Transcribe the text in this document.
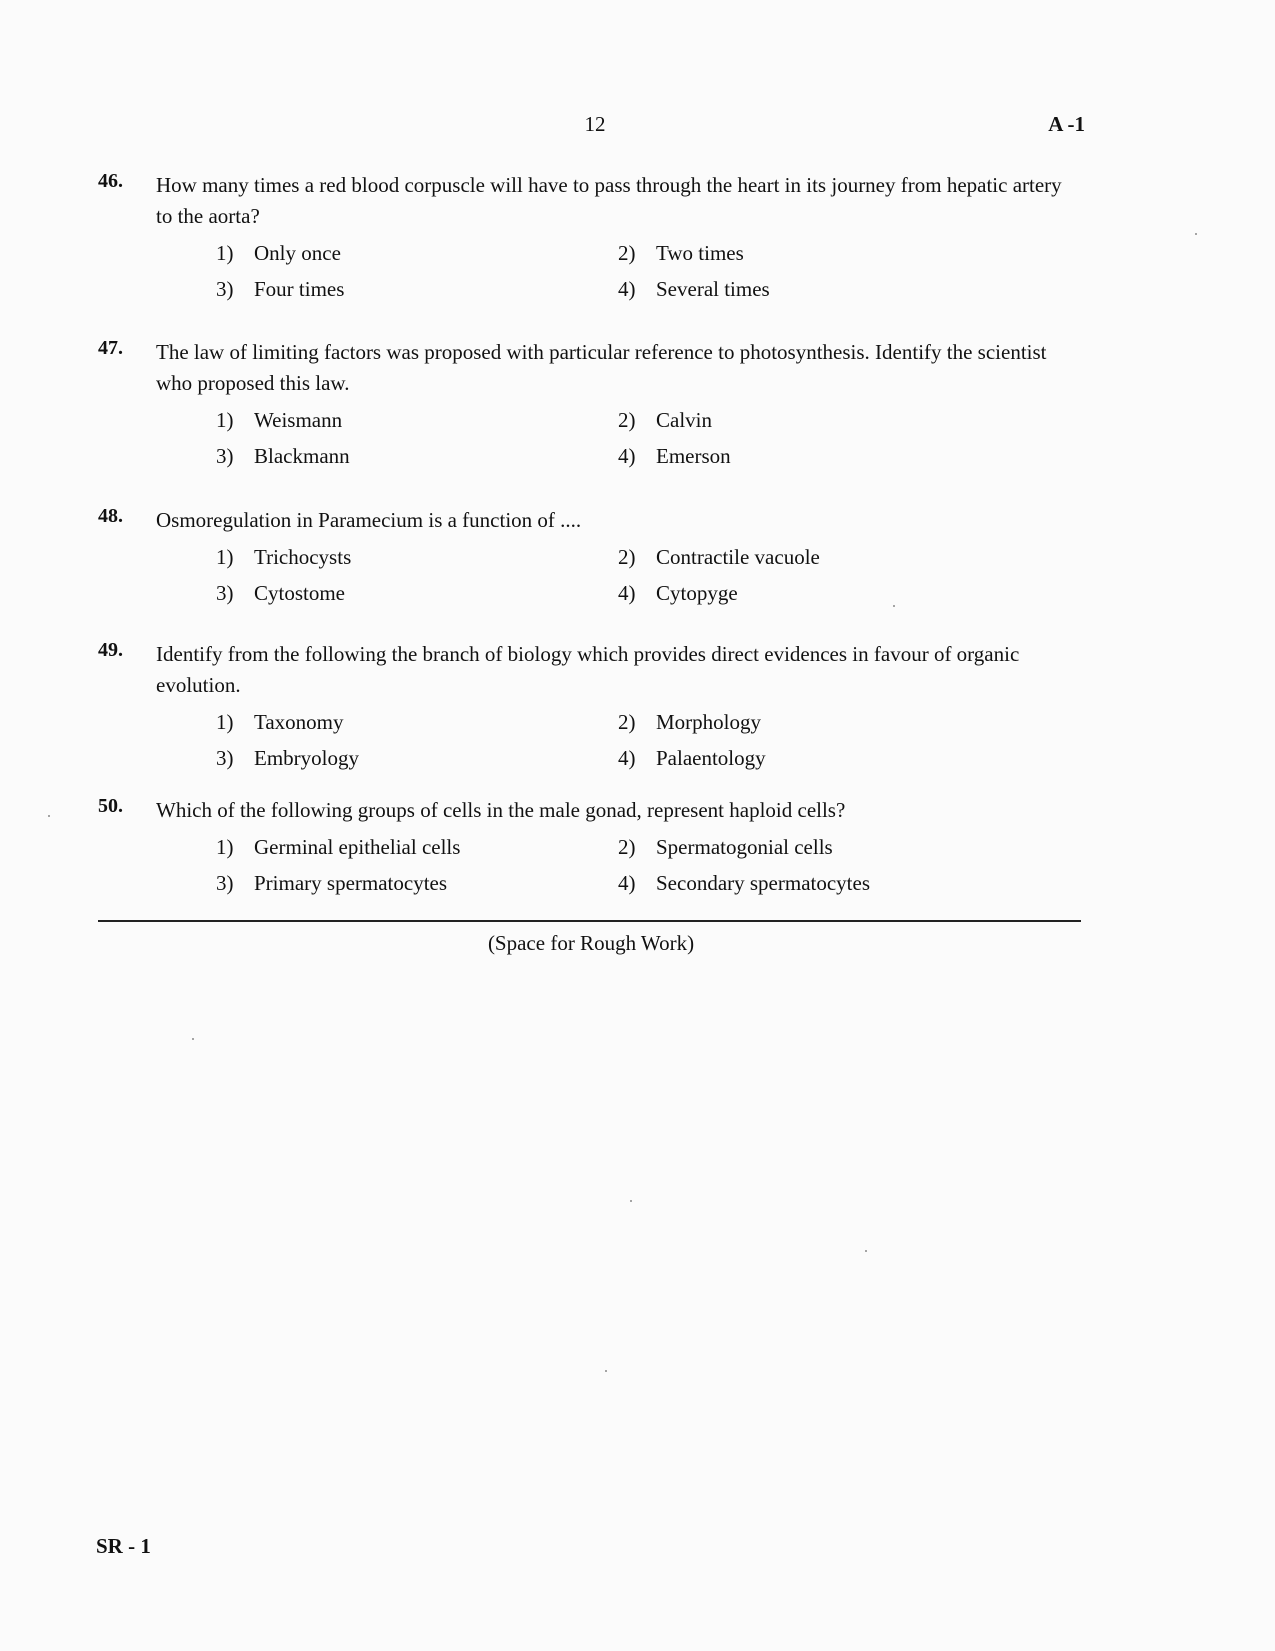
12	A -1
46.	How many times a red blood corpuscle will have to pass through the heart in its journey from hepatic artery to the aorta?
1) Only once	2) Two times
3) Four times	4) Several times
47.	The law of limiting factors was proposed with particular reference to photosynthesis. Identify the scientist who proposed this law.
1) Weismann	2) Calvin
3) Blackmann	4) Emerson
48.	Osmoregulation in Paramecium is a function of ....
1) Trichocysts	2) Contractile vacuole
3) Cytostome	4) Cytopyge
49.	Identify from the following the branch of biology which provides direct evidences in favour of organic evolution.
1) Taxonomy	2) Morphology
3) Embryology	4) Palaentology
50.	Which of the following groups of cells in the male gonad, represent haploid cells?
1) Germinal epithelial cells	2) Spermatogonial cells
3) Primary spermatocytes	4) Secondary spermatocytes
(Space for Rough Work)
SR - 1
